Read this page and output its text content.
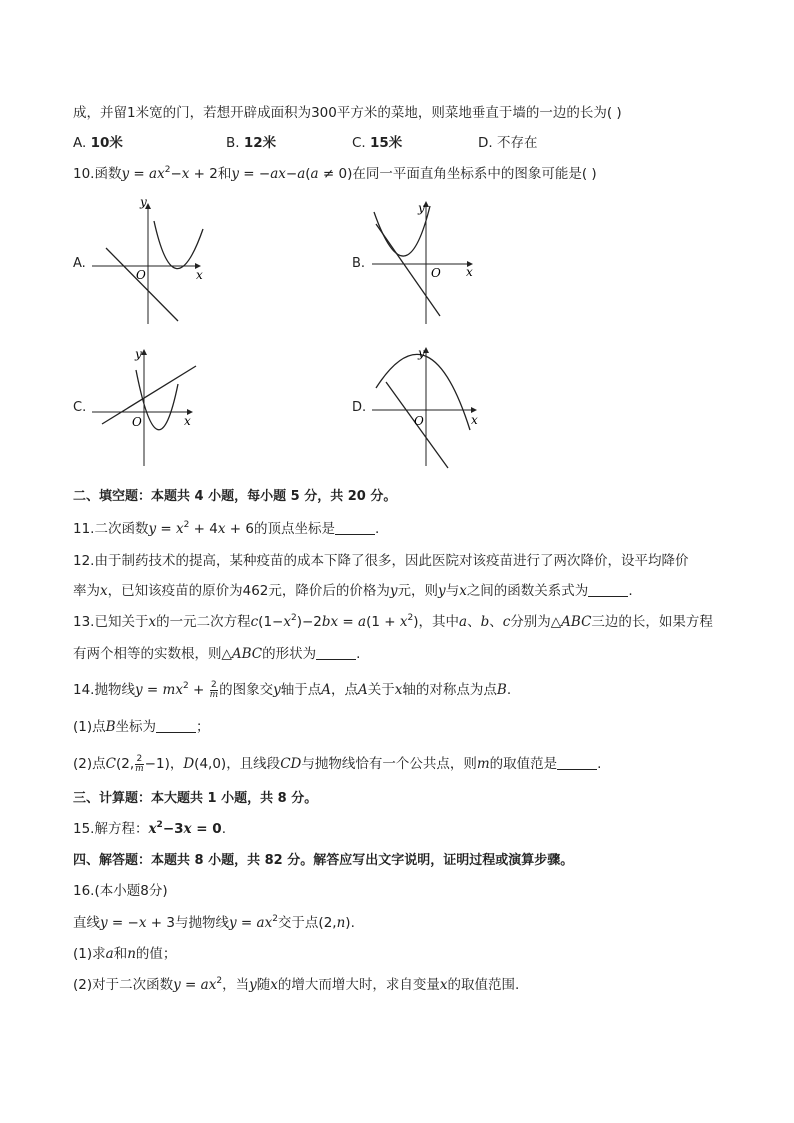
成，并留1米宽的门，若想开辟成面积为300平方米的菜地，则菜地垂直于墙的一边的长为( )
A. 10米	B. 12米	C. 15米	D. 不存在
10.函数$y = ax^2-x + 2$和y = −ax−a(a ≠ 0)在同一平面直角坐标系中的图象可能是( )
A.
y
x
O
B.
y
x
O
C.
y
x
O
D.
y
x
O
二、填空题：本题共 4 小题，每小题 5 分，共 20 分。
11.二次函数$y = x^2 + 4x + 6$的顶点坐标是	.
12.由于制药技术的提高，某种疫苗的成本下降了很多，因此医院对该疫苗进行了两次降价，设平均降价
率为x，已知该疫苗的原价为462元，降价后的价格为y元，则y与x之间的函数关系式为	.
13.已知关于x的一元二次方程$c(1-x^2)-2bx = a(1 + x^2)$，其中a、b、c分别为△ABC三边的长，如果方程
有两个相等的实数根，则△ABC的形状为	.
14.抛物线$y = mx^2 + \frac{2}{m}$ 的图象交y轴于点A，点A关于x轴的对称点为点B.
(1)点B坐标为	；
(2)点C(2, $\frac{2}{m} -1$)，D(4,0)，且线段CD与抛物线恰有一个公共点，则m的取值范是	.
三、计算题：本大题共 1 小题，共 8 分。
15.解方程：$x^2-3x = 0$.
四、解答题：本题共 8 小题，共 82 分。解答应写出文字说明，证明过程或演算步骤。
16.(本小题8分)
直线y = −x + 3与抛物线$y = ax^2$交于点(2,n).
(1)求a和n的值；
(2)对于二次函数$y = ax^2$，当y随x的增大而增大时，求自变量x的取值范围.
